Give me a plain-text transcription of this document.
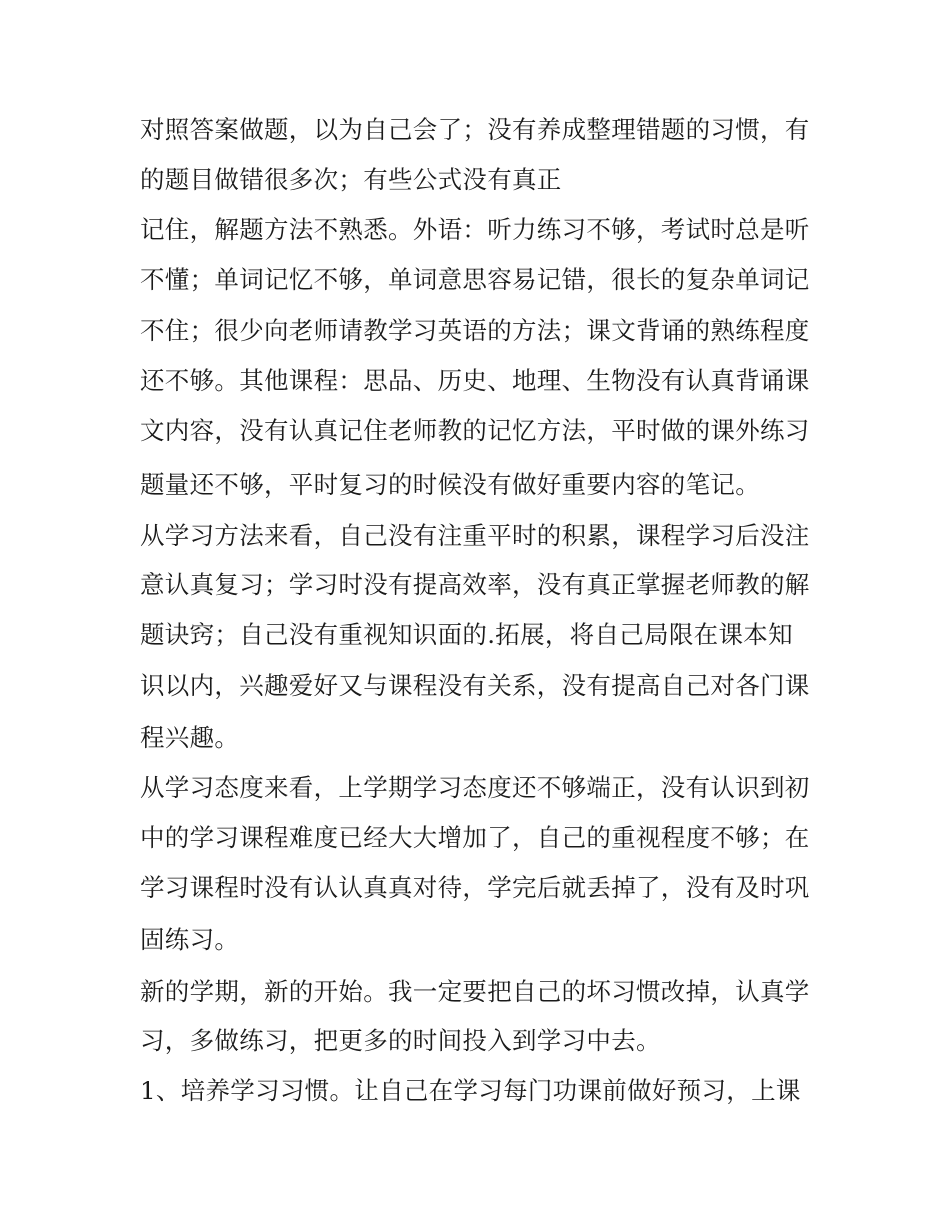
对照答案做题，以为自己会了；没有养成整理错题的习惯，有
的题目做错很多次；有些公式没有真正
记住，解题方法不熟悉。外语：听力练习不够，考试时总是听
不懂；单词记忆不够，单词意思容易记错，很长的复杂单词记
不住；很少向老师请教学习英语的方法；课文背诵的熟练程度
还不够。其他课程：思品、历史、地理、生物没有认真背诵课
文内容，没有认真记住老师教的记忆方法，平时做的课外练习
题量还不够，平时复习的时候没有做好重要内容的笔记。
从学习方法来看，自己没有注重平时的积累，课程学习后没注
意认真复习；学习时没有提高效率，没有真正掌握老师教的解
题诀窍；自己没有重视知识面的.拓展，将自己局限在课本知
识以内，兴趣爱好又与课程没有关系，没有提高自己对各门课
程兴趣。
从学习态度来看，上学期学习态度还不够端正，没有认识到初
中的学习课程难度已经大大增加了，自己的重视程度不够；在
学习课程时没有认认真真对待，学完后就丢掉了，没有及时巩
固练习。
新的学期，新的开始。我一定要把自己的坏习惯改掉，认真学
习，多做练习，把更多的时间投入到学习中去。
1、培养学习习惯。让自己在学习每门功课前做好预习，上课
